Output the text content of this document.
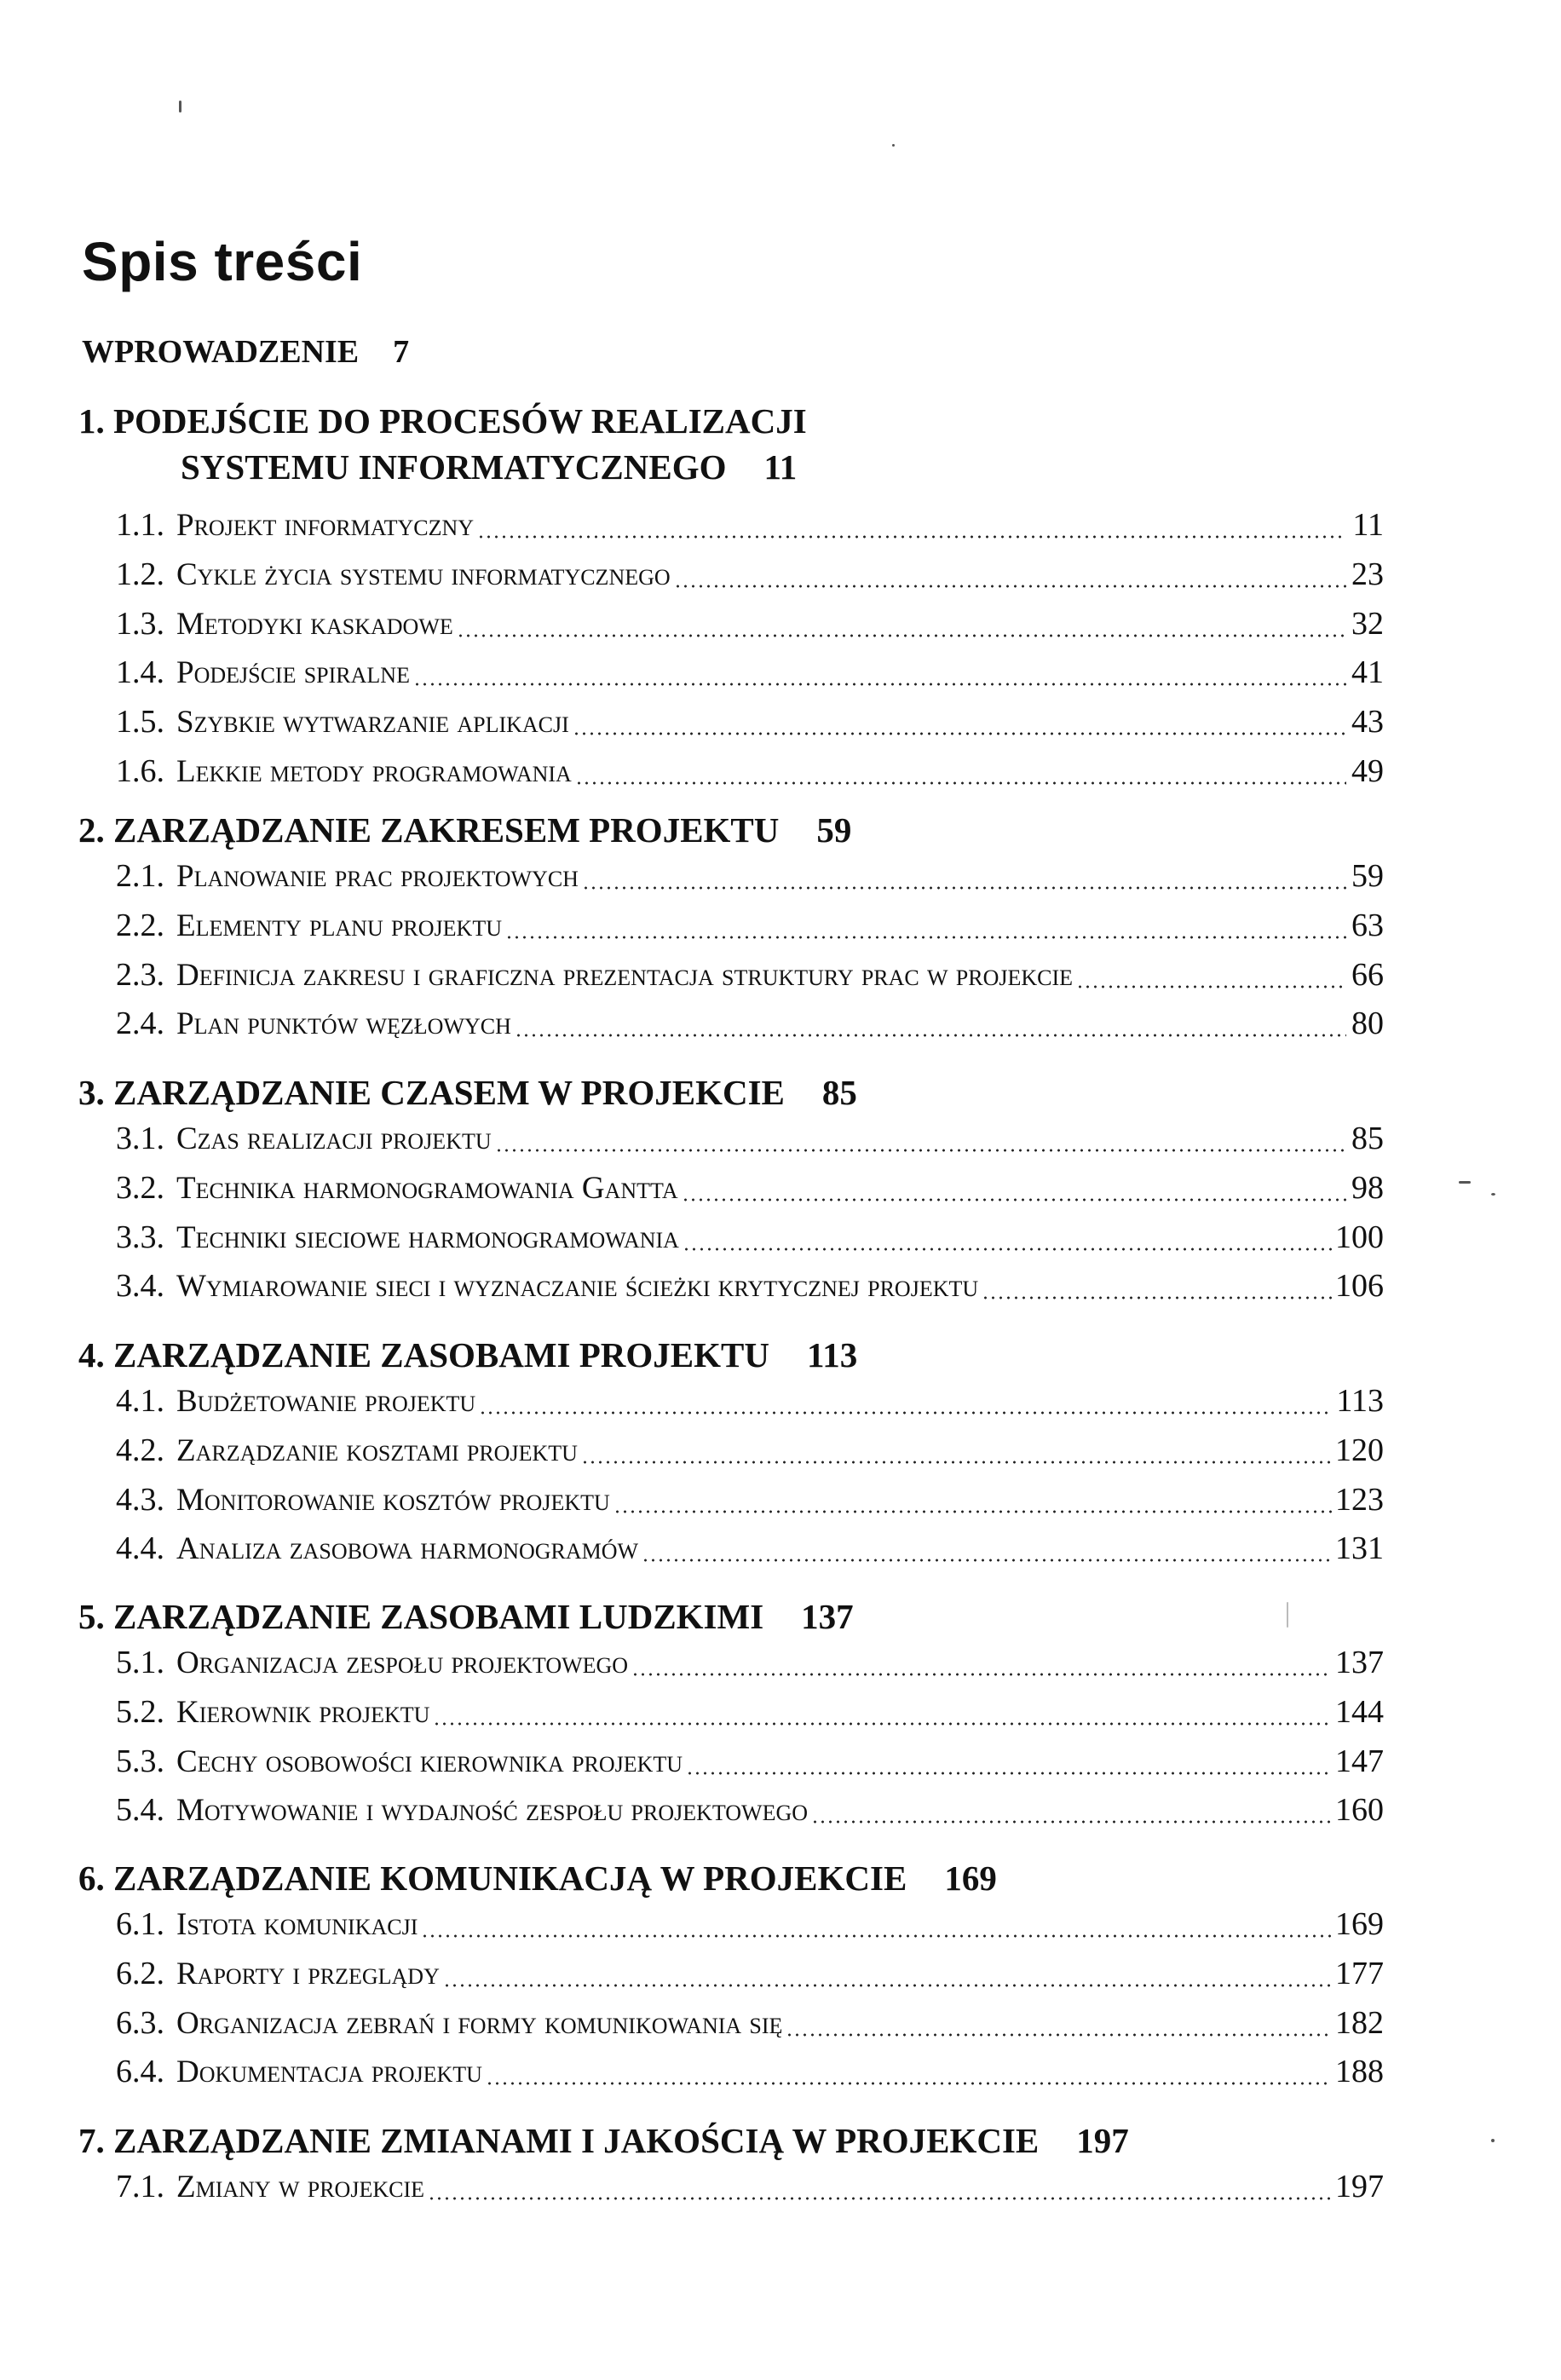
Spis treści
WPROWADZENIE 7
1. PODEJŚCIE DO PROCESÓW REALIZACJI
SYSTEMU INFORMATYCZNEGO 11
1.1. Projekt informatyczny	11
1.2. Cykle życia systemu informatycznego	23
1.3. Metodyki kaskadowe	32
1.4. Podejście spiralne	41
1.5. Szybkie wytwarzanie aplikacji	43
1.6. Lekkie metody programowania	49
2. ZARZĄDZANIE ZAKRESEM PROJEKTU 59
2.1. Planowanie prac projektowych	59
2.2. Elementy planu projektu	63
2.3. Definicja zakresu i graficzna prezentacja struktury prac w projekcie	66
2.4. Plan punktów węzłowych	80
3. ZARZĄDZANIE CZASEM W PROJEKCIE 85
3.1. Czas realizacji projektu	85
3.2. Technika harmonogramowania Gantta	98
3.3. Techniki sieciowe harmonogramowania	100
3.4. Wymiarowanie sieci i wyznaczanie ścieżki krytycznej projektu	106
4. ZARZĄDZANIE ZASOBAMI PROJEKTU 113
4.1. Budżetowanie projektu	113
4.2. Zarządzanie kosztami projektu	120
4.3. Monitorowanie kosztów projektu	123
4.4. Analiza zasobowa harmonogramów	131
5. ZARZĄDZANIE ZASOBAMI LUDZKIMI 137
5.1. Organizacja zespołu projektowego	137
5.2. Kierownik projektu	144
5.3. Cechy osobowości kierownika projektu	147
5.4. Motywowanie i wydajność zespołu projektowego	160
6. ZARZĄDZANIE KOMUNIKACJĄ W PROJEKCIE 169
6.1. Istota komunikacji	169
6.2. Raporty i przeglądy	177
6.3. Organizacja zebrań i formy komunikowania się	182
6.4. Dokumentacja projektu	188
7. ZARZĄDZANIE ZMIANAMI I JAKOŚCIĄ W PROJEKCIE 197
7.1. Zmiany w projekcie	197
